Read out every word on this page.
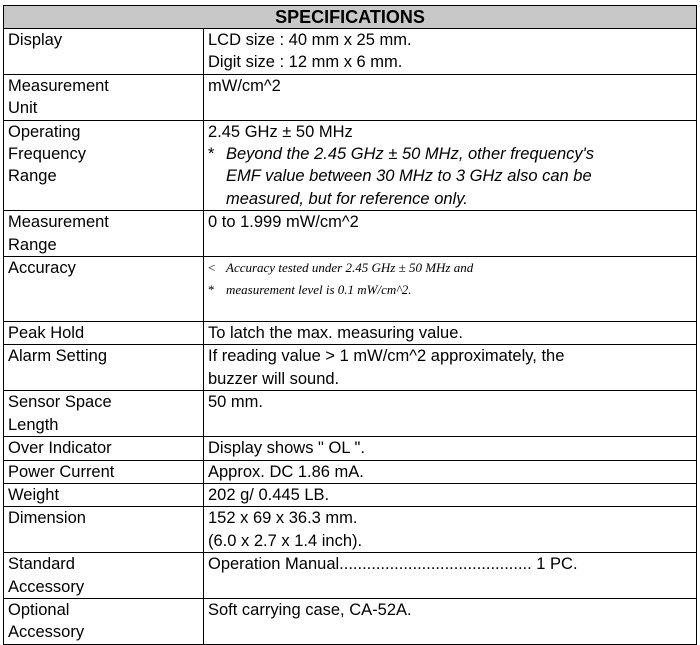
SPECIFICATIONS	
Display	LCD size : 40 mm x 25 mm.
Digit size : 12 mm x 6 mm.

Measurement
Unit	mW/cm^2

Operating
Frequency
Range	2.45 GHz ± 50 MHz
* Beyond the 2.45 GHz ± 50 MHz, other frequency's
EMF value between 30 MHz to 3 GHz also can be
measured, but for reference only.

Measurement
Range	0 to 1.999 mW/cm^2
Accuracy	< Accuracy tested under 2.45 GHz ± 50 MHz and
* measurement level is 0.1 mW/cm^2.

Peak Hold	To latch the max. measuring value.
Alarm Setting	If reading value > 1 mW/cm^2 approximately, the
buzzer will sound.

Sensor Space
Length	50 mm.
Over Indicator	Display shows " OL ".
Power Current	Approx. DC 1.86 mA.
Weight	202 g/ 0.445 LB.
Dimension	152 x 69 x 36.3 mm.
(6.0 x 2.7 x 1.4 inch).

Standard
Accessory	Operation Manual.......................................... 1 PC.

Optional
Accessory	Soft carrying case, CA-52A.
